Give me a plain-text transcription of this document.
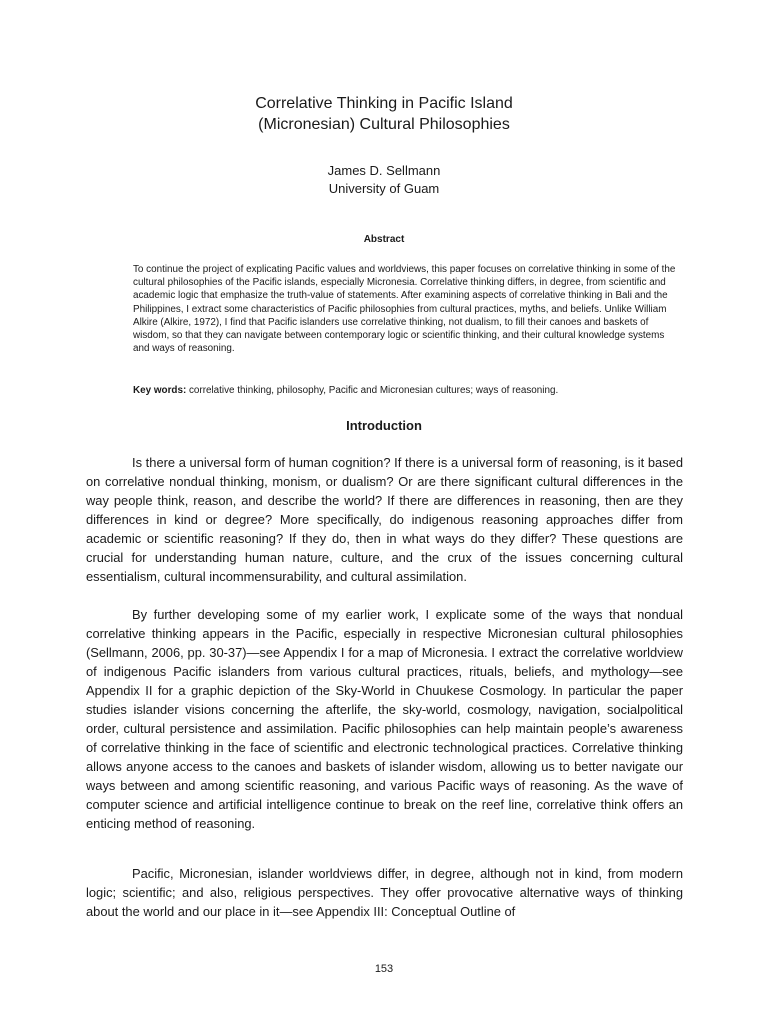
Correlative Thinking in Pacific Island
(Micronesian) Cultural Philosophies
James D. Sellmann
University of Guam
Abstract

To continue the project of explicating Pacific values and worldviews, this paper focuses on correlative thinking in some of the cultural philosophies of the Pacific islands, especially Micronesia. Correlative thinking differs, in degree, from scientific and academic logic that emphasize the truth-value of statements. After examining aspects of correlative thinking in Bali and the Philippines, I extract some characteristics of Pacific philosophies from cultural practices, myths, and beliefs. Unlike William Alkire (Alkire, 1972), I find that Pacific islanders use correlative thinking, not dualism, to fill their canoes and baskets of wisdom, so that they can navigate between contemporary logic or scientific thinking, and their cultural knowledge systems and ways of reasoning.

Key words: correlative thinking, philosophy, Pacific and Micronesian cultures; ways of reasoning.

Introduction

Is there a universal form of human cognition? If there is a universal form of reasoning, is it based on correlative nondual thinking, monism, or dualism? Or are there significant cultural differences in the way people think, reason, and describe the world? If there are differences in reasoning, then are they differences in kind or degree? More specifically, do indigenous reasoning approaches differ from academic or scientific reasoning? If they do, then in what ways do they differ? These questions are crucial for understanding human nature, culture, and the crux of the issues concerning cultural essentialism, cultural incommensurability, and cultural assimilation.

By further developing some of my earlier work, I explicate some of the ways that nondual correlative thinking appears in the Pacific, especially in respective Micronesian cultural philosophies (Sellmann, 2006, pp. 30-37)—see Appendix I for a map of Micronesia. I extract the correlative worldview of indigenous Pacific islanders from various cultural practices, rituals, beliefs, and mythology—see Appendix II for a graphic depiction of the Sky-World in Chuukese Cosmology. In particular the paper studies islander visions concerning the afterlife, the sky-world, cosmology, navigation, socialpolitical order, cultural persistence and assimilation. Pacific philosophies can help maintain people’s awareness of correlative thinking in the face of scientific and electronic technological practices. Correlative thinking allows anyone access to the canoes and baskets of islander wisdom, allowing us to better navigate our ways between and among scientific reasoning, and various Pacific ways of reasoning. As the wave of computer science and artificial intelligence continue to break on the reef line, correlative think offers an enticing method of reasoning.

Pacific, Micronesian, islander worldviews differ, in degree, although not in kind, from modern logic; scientific; and also, religious perspectives. They offer provocative alternative ways of thinking about the world and our place in it—see Appendix III: Conceptual Outline of

153
